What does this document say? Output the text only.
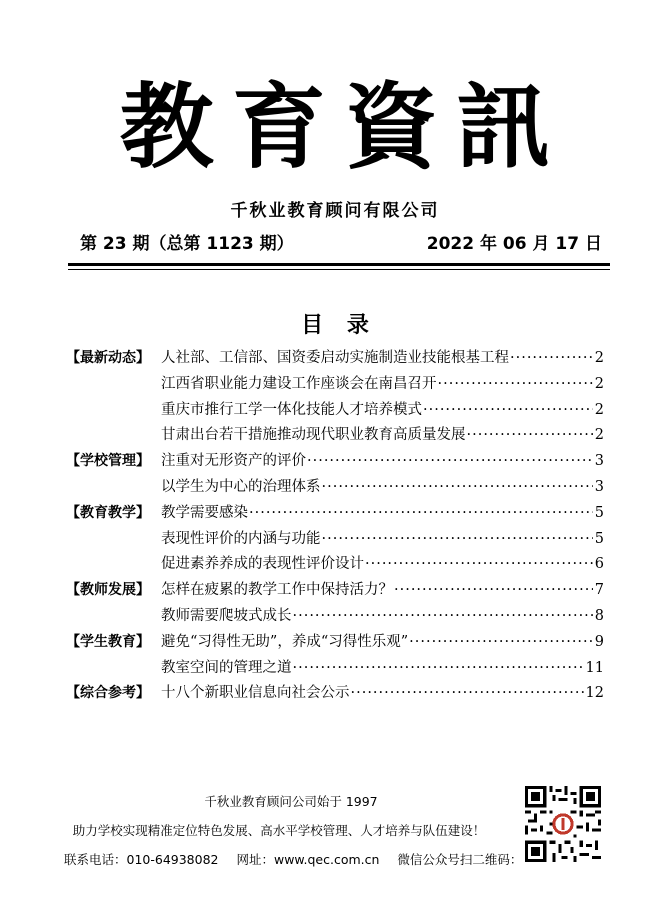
教育資訊
千秋业教育顾问有限公司
第 23 期（总第 1123 期）	2022 年 06 月 17 日
目 录
【最新动态】 人社部、工信部、国资委启动实施制造业技能根基工程 ·····	2
江西省职业能力建设工作座谈会在南昌召开 ·····	2
重庆市推行工学一体化技能人才培养模式 ·····	2
甘肃出台若干措施推动现代职业教育高质量发展 ·····	2
【学校管理】 注重对无形资产的评价 ·····	3
以学生为中心的治理体系 ·····	3
【教育教学】 教学需要感染 ·····	5
表现性评价的内涵与功能 ·····	5
促进素养养成的表现性评价设计 ·····	6
【教师发展】 怎样在疲累的教学工作中保持活力？ ·····	7
教师需要爬坡式成长 ·····	8
【学生教育】 避免“习得性无助”，养成“习得性乐观” ·····	9
教室空间的管理之道 ·····	11
【综合参考】 十八个新职业信息向社会公示 ·····	12
千秋业教育顾问公司始于 1997
助力学校实现精准定位特色发展、高水平学校管理、人才培养与队伍建设！
联系电话：010-64938082 网址：www.qec.com.cn 微信公众号扫二维码：
